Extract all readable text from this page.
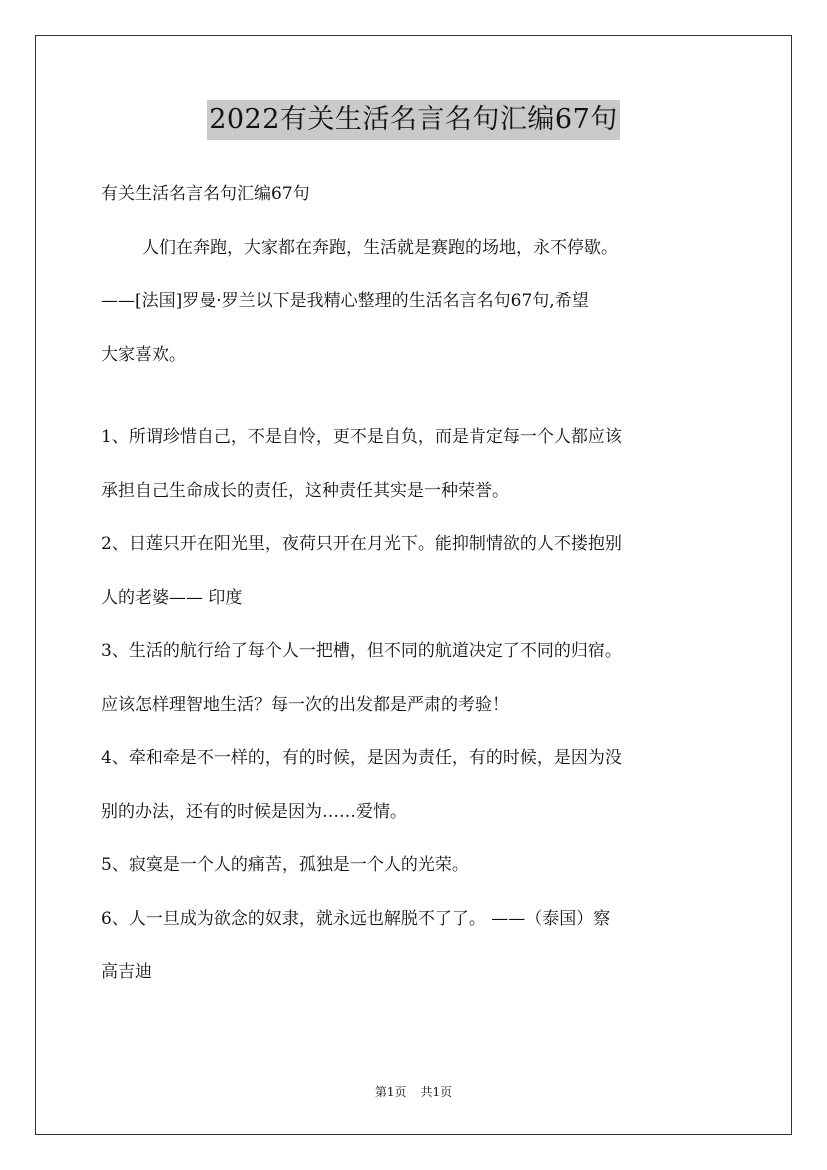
2022有关生活名言名句汇编67句
有关生活名言名句汇编67句
人们在奔跑，大家都在奔跑，生活就是赛跑的场地，永不停歇。
——[法国]罗曼·罗兰以下是我精心整理的生活名言名句67句,希望
大家喜欢。
1、所谓珍惜自己，不是自怜，更不是自负，而是肯定每一个人都应该
承担自己生命成长的责任，这种责任其实是一种荣誉。
2、日莲只开在阳光里，夜荷只开在月光下。能抑制情欲的人不搂抱别
人的老婆—— 印度
3、生活的航行给了每个人一把槽，但不同的航道决定了不同的归宿。
应该怎样理智地生活？每一次的出发都是严肃的考验！
4、牵和牵是不一样的，有的时候，是因为责任，有的时候，是因为没
别的办法，还有的时候是因为……爱情。
5、寂寞是一个人的痛苦，孤独是一个人的光荣。
6、人一旦成为欲念的奴隶，就永远也解脱不了了。 ——（泰国）察
高吉迪
第1页 共1页
